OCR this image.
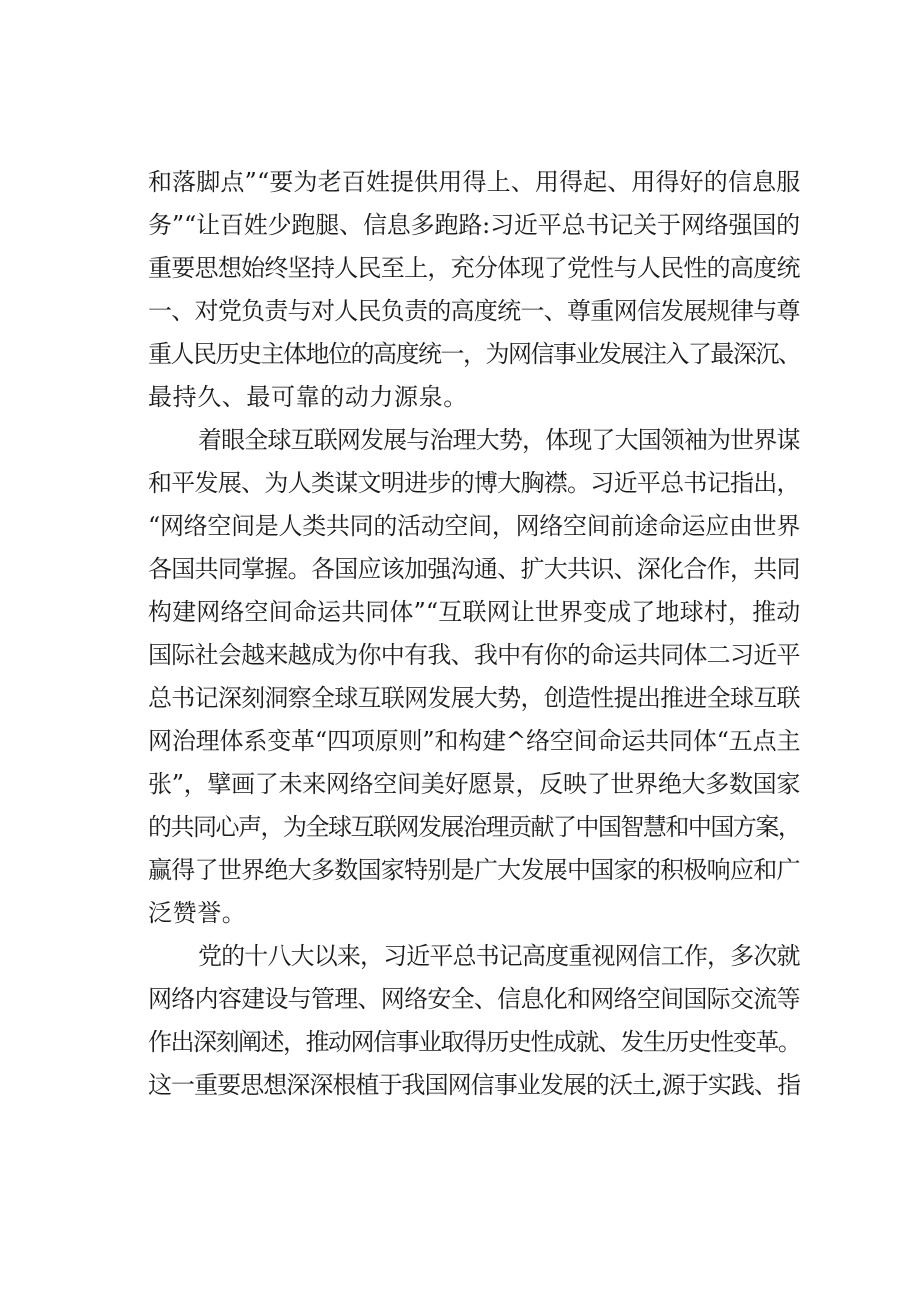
和落脚点”“要为老百姓提供用得上、用得起、用得好的信息服
务”“让百姓少跑腿、信息多跑路:习近平总书记关于网络强国的
重要思想始终坚持人民至上，充分体现了党性与人民性的高度统
一、对党负责与对人民负责的高度统一、尊重网信发展规律与尊
重人民历史主体地位的高度统一，为网信事业发展注入了最深沉、
最持久、最可靠的动力源泉。
着眼全球互联网发展与治理大势，体现了大国领袖为世界谋
和平发展、为人类谋文明进步的博大胸襟。习近平总书记指出，
“网络空间是人类共同的活动空间，网络空间前途命运应由世界
各国共同掌握。各国应该加强沟通、扩大共识、深化合作，共同
构建网络空间命运共同体”“互联网让世界变成了地球村，推动
国际社会越来越成为你中有我、我中有你的命运共同体二习近平
总书记深刻洞察全球互联网发展大势，创造性提出推进全球互联
网治理体系变革“四项原则”和构建^络空间命运共同体“五点主
张”，擘画了未来网络空间美好愿景，反映了世界绝大多数国家
的共同心声，为全球互联网发展治理贡献了中国智慧和中国方案，
赢得了世界绝大多数国家特别是广大发展中国家的积极响应和广
泛赞誉。
党的十八大以来，习近平总书记高度重视网信工作，多次就
网络内容建设与管理、网络安全、信息化和网络空间国际交流等
作出深刻阐述，推动网信事业取得历史性成就、发生历史性变革。
这一重要思想深深根植于我国网信事业发展的沃土,源于实践、指
